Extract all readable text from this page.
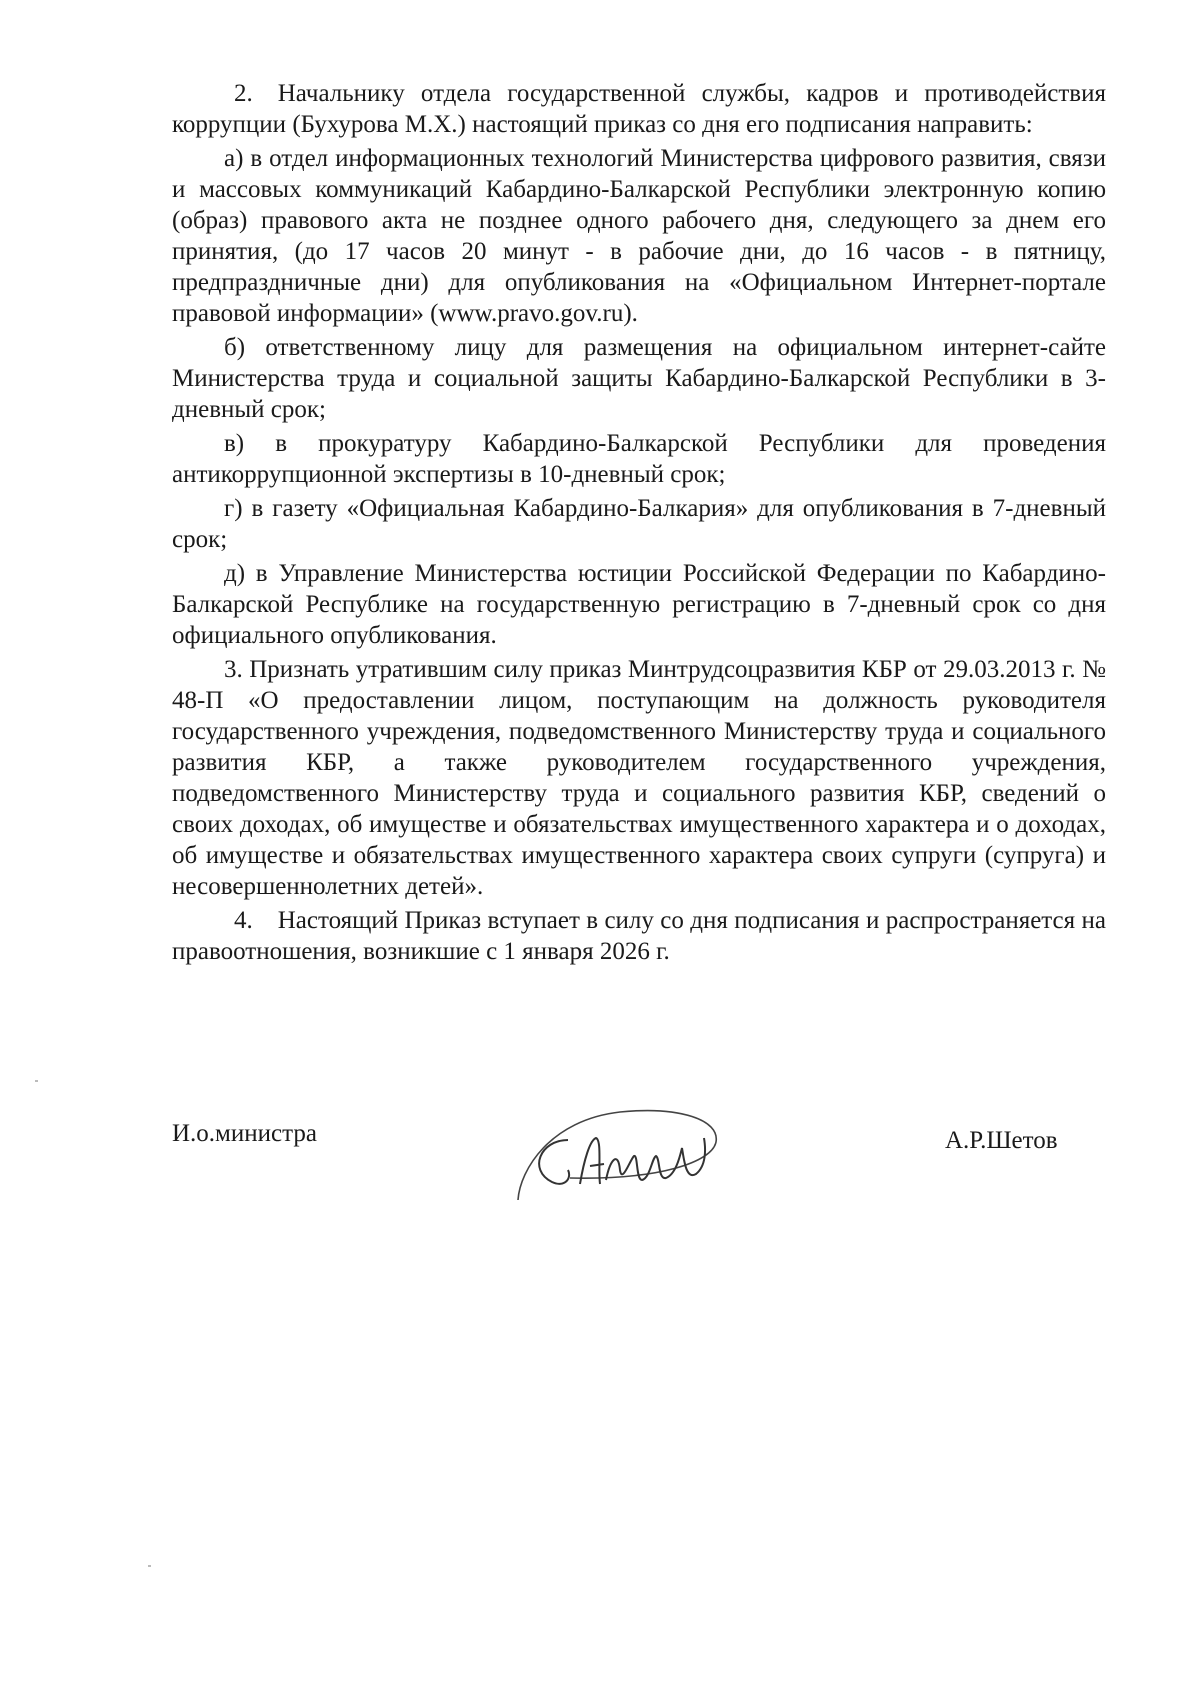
2. Начальнику отдела государственной службы, кадров и противодействия коррупции (Бухурова М.Х.) настоящий приказ со дня его подписания направить:

а) в отдел информационных технологий Министерства цифрового развития, связи и массовых коммуникаций Кабардино-Балкарской Республики электронную копию (образ) правового акта не позднее одного рабочего дня, следующего за днем его принятия, (до 17 часов 20 минут - в рабочие дни, до 16 часов - в пятницу, предпраздничные дни) для опубликования на «Официальном Интернет-портале правовой информации» (www.pravo.gov.ru).

б) ответственному лицу для размещения на официальном интернет-сайте Министерства труда и социальной защиты Кабардино-Балкарской Республики в 3-дневный срок;

в) в прокуратуру Кабардино-Балкарской Республики для проведения антикоррупционной экспертизы в 10-дневный срок;

г) в газету «Официальная Кабардино-Балкария» для опубликования в 7-дневный срок;

д) в Управление Министерства юстиции Российской Федерации по Кабардино-Балкарской Республике на государственную регистрацию в 7-дневный срок со дня официального опубликования.

3. Признать утратившим силу приказ Минтрудсоцразвития КБР от 29.03.2013 г. № 48-П «О предоставлении лицом, поступающим на должность руководителя государственного учреждения, подведомственного Министерству труда и социального развития КБР, а также руководителем государственного учреждения, подведомственного Министерству труда и социального развития КБР, сведений о своих доходах, об имуществе и обязательствах имущественного характера и о доходах, об имуществе и обязательствах имущественного характера своих супруги (супруга) и несовершеннолетних детей».

4. Настоящий Приказ вступает в силу со дня подписания и распространяется на правоотношения, возникшие с 1 января 2026 г.

И.о.министра	А.Р.Шетов
